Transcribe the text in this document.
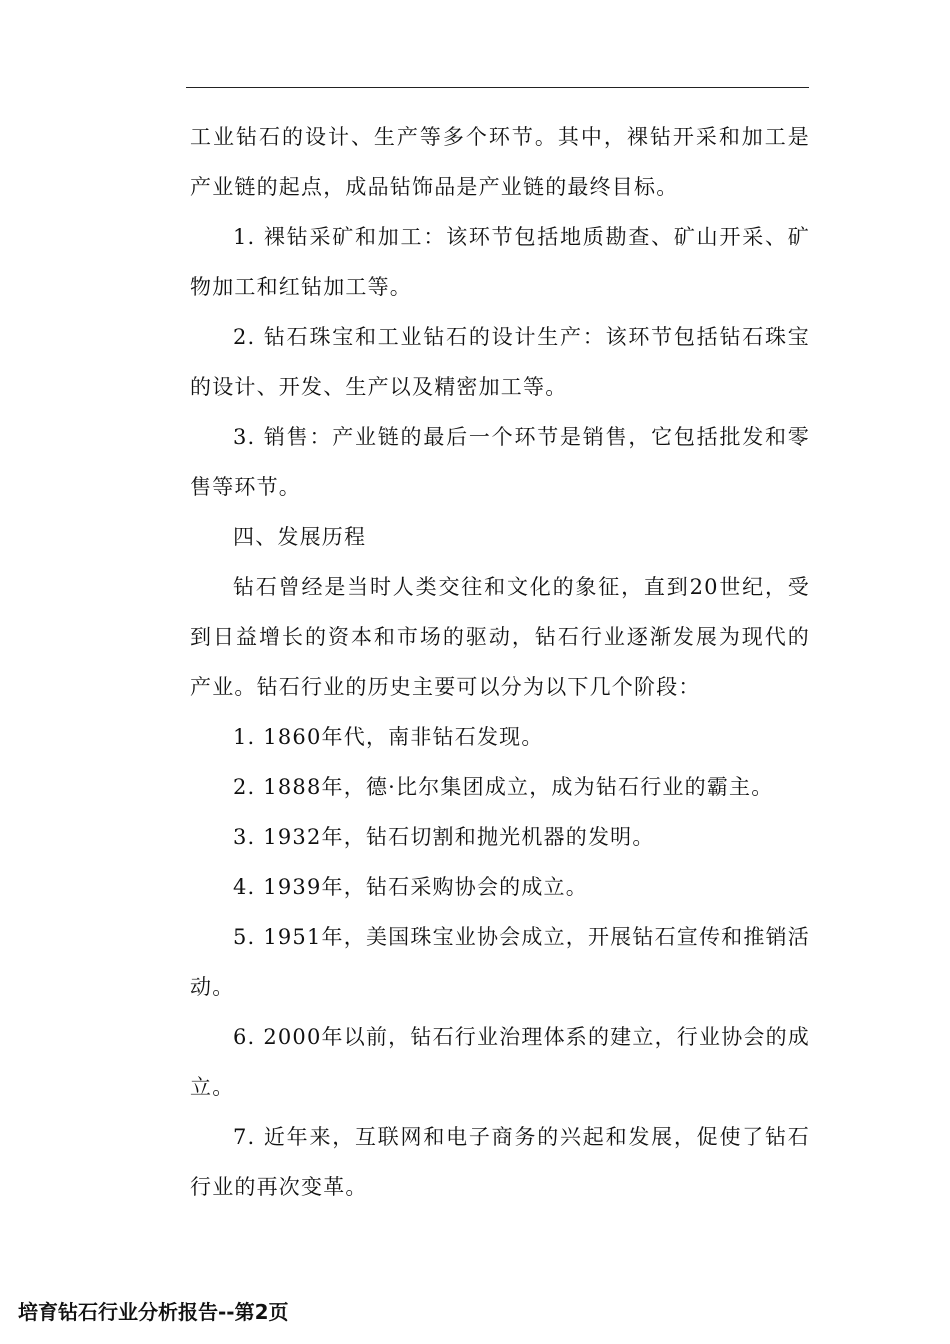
工业钻石的设计、生产等多个环节。其中，裸钻开采和加工是产业链的起点，成品钻饰品是产业链的最终目标。

1. 裸钻采矿和加工：该环节包括地质勘查、矿山开采、矿物加工和红钻加工等。

2. 钻石珠宝和工业钻石的设计生产：该环节包括钻石珠宝的设计、开发、生产以及精密加工等。

3. 销售：产业链的最后一个环节是销售，它包括批发和零售等环节。

四、发展历程

钻石曾经是当时人类交往和文化的象征，直到20世纪，受到日益增长的资本和市场的驱动，钻石行业逐渐发展为现代的产业。钻石行业的历史主要可以分为以下几个阶段：

1. 1860年代，南非钻石发现。

2. 1888年，德·比尔集团成立，成为钻石行业的霸主。

3. 1932年，钻石切割和抛光机器的发明。

4. 1939年，钻石采购协会的成立。

5. 1951年，美国珠宝业协会成立，开展钻石宣传和推销活动。

6. 2000年以前，钻石行业治理体系的建立，行业协会的成立。

7. 近年来，互联网和电子商务的兴起和发展，促使了钻石行业的再次变革。

培育钻石行业分析报告--第2页
